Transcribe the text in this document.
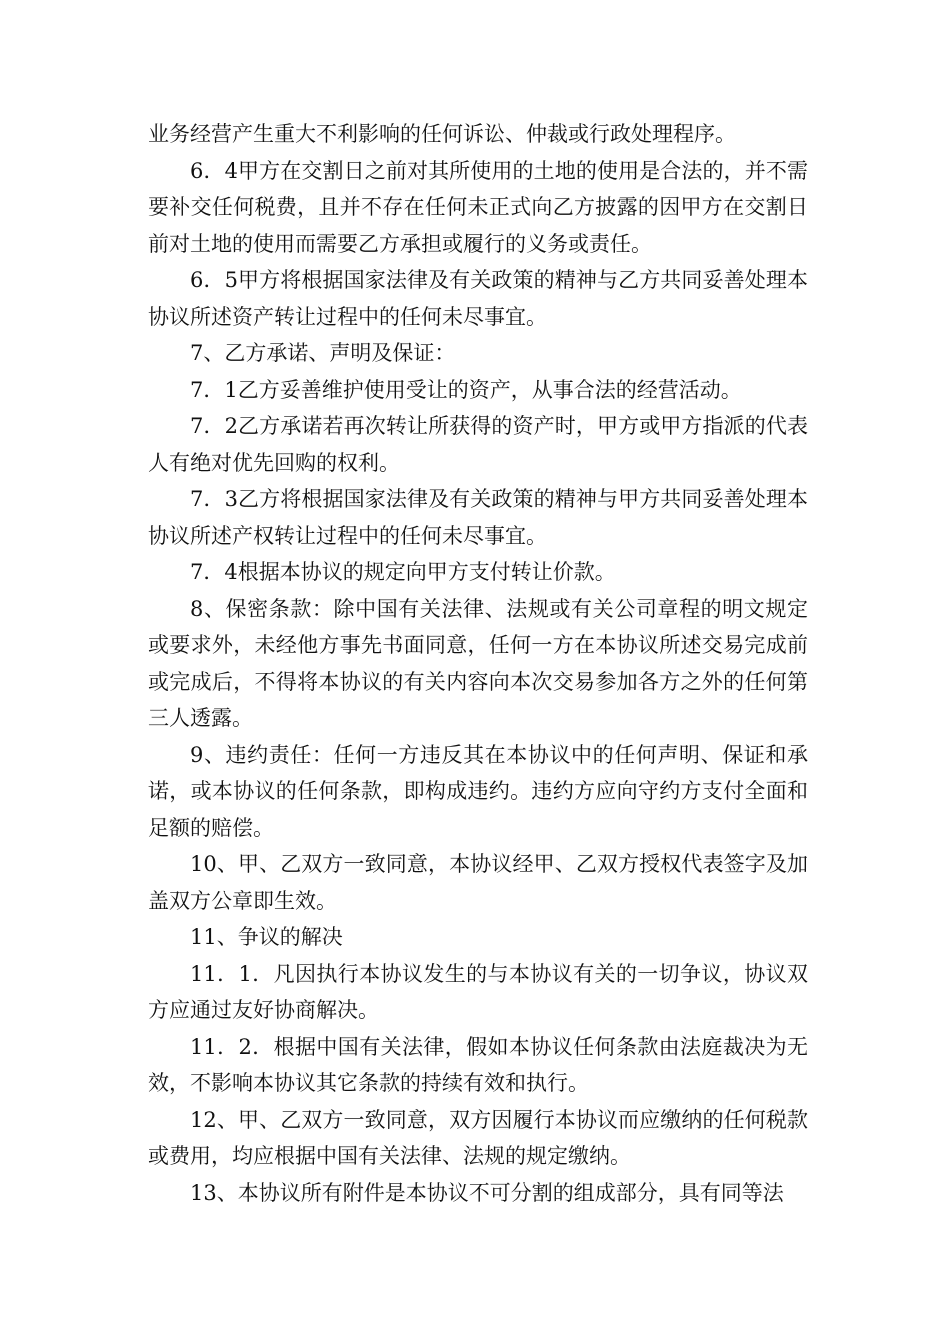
业务经营产生重大不利影响的任何诉讼、仲裁或行政处理程序。

6．4甲方在交割日之前对其所使用的土地的使用是合法的，并不需要补交任何税费，且并不存在任何未正式向乙方披露的因甲方在交割日前对土地的使用而需要乙方承担或履行的义务或责任。

6．5甲方将根据国家法律及有关政策的精神与乙方共同妥善处理本协议所述资产转让过程中的任何未尽事宜。

7、乙方承诺、声明及保证：

7．1乙方妥善维护使用受让的资产，从事合法的经营活动。

7．2乙方承诺若再次转让所获得的资产时，甲方或甲方指派的代表人有绝对优先回购的权利。

7．3乙方将根据国家法律及有关政策的精神与甲方共同妥善处理本协议所述产权转让过程中的任何未尽事宜。

7．4根据本协议的规定向甲方支付转让价款。

8、保密条款：除中国有关法律、法规或有关公司章程的明文规定或要求外，未经他方事先书面同意，任何一方在本协议所述交易完成前或完成后，不得将本协议的有关内容向本次交易参加各方之外的任何第三人透露。

9、违约责任：任何一方违反其在本协议中的任何声明、保证和承诺，或本协议的任何条款，即构成违约。违约方应向守约方支付全面和足额的赔偿。

10、甲、乙双方一致同意，本协议经甲、乙双方授权代表签字及加盖双方公章即生效。

11、争议的解决

11．1．凡因执行本协议发生的与本协议有关的一切争议，协议双方应通过友好协商解决。

11．2．根据中国有关法律，假如本协议任何条款由法庭裁决为无效，不影响本协议其它条款的持续有效和执行。

12、甲、乙双方一致同意，双方因履行本协议而应缴纳的任何税款或费用，均应根据中国有关法律、法规的规定缴纳。

13、本协议所有附件是本协议不可分割的组成部分，具有同等法
